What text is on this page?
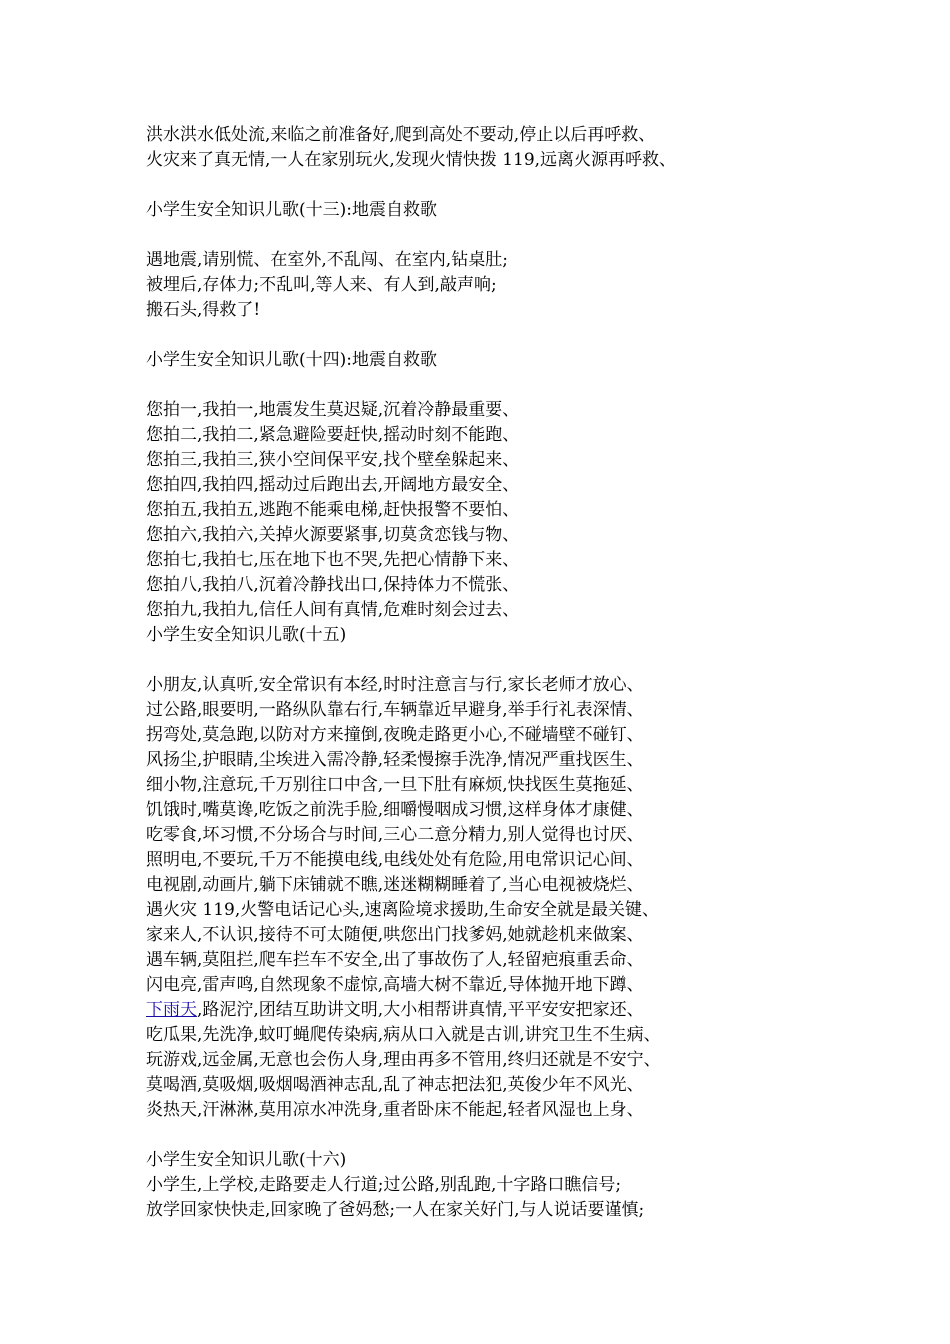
洪水洪水低处流,来临之前准备好,爬到高处不要动,停止以后再呼救、
火灾来了真无情,一人在家别玩火,发现火情快拨 119,远离火源再呼救、
小学生安全知识儿歌(十三):地震自救歌
遇地震,请别慌、在室外,不乱闯、在室内,钻桌肚;
被埋后,存体力;不乱叫,等人来、有人到,敲声响;
搬石头,得救了!
小学生安全知识儿歌(十四):地震自救歌
您拍一,我拍一,地震发生莫迟疑,沉着冷静最重要、
您拍二,我拍二,紧急避险要赶快,摇动时刻不能跑、
您拍三,我拍三,狭小空间保平安,找个壁垒躲起来、
您拍四,我拍四,摇动过后跑出去,开阔地方最安全、
您拍五,我拍五,逃跑不能乘电梯,赶快报警不要怕、
您拍六,我拍六,关掉火源要紧事,切莫贪恋钱与物、
您拍七,我拍七,压在地下也不哭,先把心情静下来、
您拍八,我拍八,沉着冷静找出口,保持体力不慌张、
您拍九,我拍九,信任人间有真情,危难时刻会过去、
小学生安全知识儿歌(十五)
小朋友,认真听,安全常识有本经,时时注意言与行,家长老师才放心、
过公路,眼要明,一路纵队靠右行,车辆靠近早避身,举手行礼表深情、
拐弯处,莫急跑,以防对方来撞倒,夜晚走路更小心,不碰墙壁不碰钉、
风扬尘,护眼睛,尘埃进入需冷静,轻柔慢擦手洗净,情况严重找医生、
细小物,注意玩,千万别往口中含,一旦下肚有麻烦,快找医生莫拖延、
饥饿时,嘴莫谗,吃饭之前洗手脸,细嚼慢咽成习惯,这样身体才康健、
吃零食,坏习惯,不分场合与时间,三心二意分精力,别人觉得也讨厌、
照明电,不要玩,千万不能摸电线,电线处处有危险,用电常识记心间、
电视剧,动画片,躺下床铺就不瞧,迷迷糊糊睡着了,当心电视被烧烂、
遇火灾 119,火警电话记心头,速离险境求援助,生命安全就是最关键、
家来人,不认识,接待不可太随便,哄您出门找爹妈,她就趁机来做案、
遇车辆,莫阻拦,爬车拦车不安全,出了事故伤了人,轻留疤痕重丢命、
闪电亮,雷声鸣,自然现象不虚惊,高墙大树不靠近,导体抛开地下蹲、
下雨天,路泥泞,团结互助讲文明,大小相帮讲真情,平平安安把家还、
吃瓜果,先洗净,蚊叮蝇爬传染病,病从口入就是古训,讲究卫生不生病、
玩游戏,远金属,无意也会伤人身,理由再多不管用,终归还就是不安宁、
莫喝酒,莫吸烟,吸烟喝酒神志乱,乱了神志把法犯,英俊少年不风光、
炎热天,汗淋淋,莫用凉水冲洗身,重者卧床不能起,轻者风湿也上身、
小学生安全知识儿歌(十六)
小学生,上学校,走路要走人行道;过公路,别乱跑,十字路口瞧信号;
放学回家快快走,回家晚了爸妈愁;一人在家关好门,与人说话要谨慎;
